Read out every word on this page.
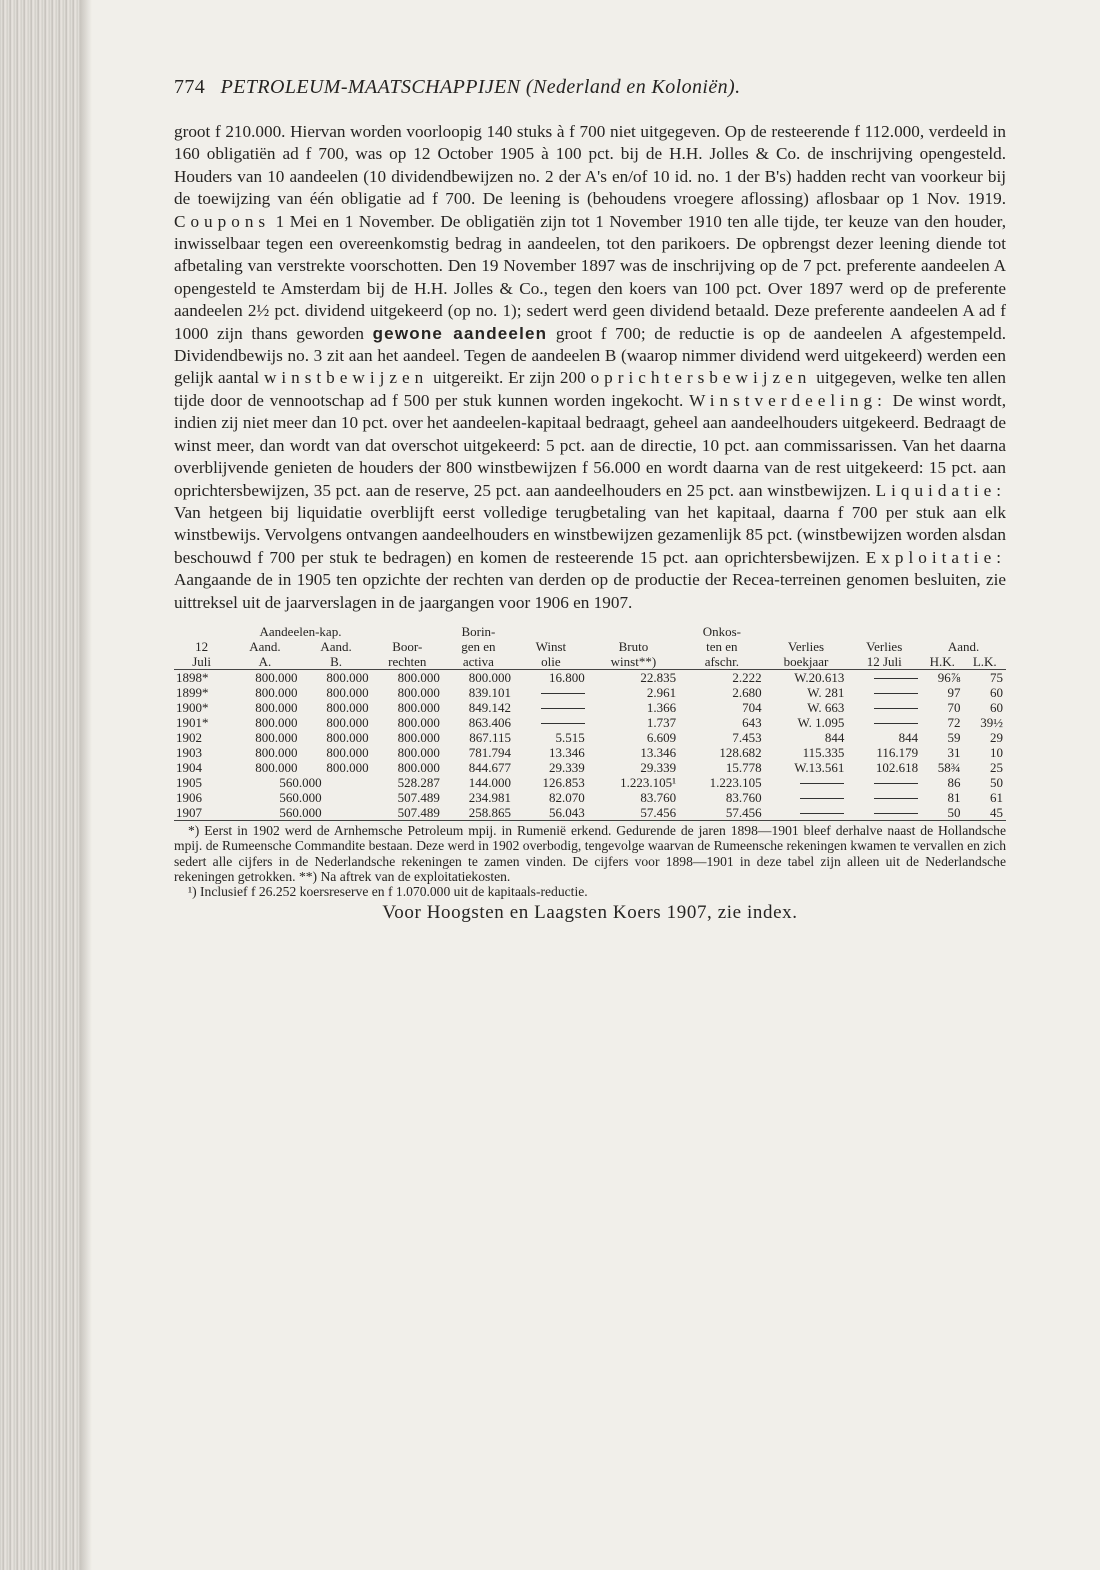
774 PETROLEUM-MAATSCHAPPIJEN (Nederland en Koloniën).

groot f 210.000. Hiervan worden voorloopig 140 stuks à f 700 niet uitgegeven. Op de resteerende f 112.000, verdeeld in 160 obligatiën ad f 700, was op 12 October 1905 à 100 pct. bij de H.H. Jolles & Co. de inschrijving opengesteld. Houders van 10 aandeelen (10 dividendbewijzen no. 2 der A's en/of 10 id. no. 1 der B's) hadden recht van voorkeur bij de toewijzing van één obligatie ad f 700. De leening is (behoudens vroegere aflossing) aflosbaar op 1 Nov. 1919. Coupons 1 Mei en 1 November. De obligatiën zijn tot 1 November 1910 ten alle tijde, ter keuze van den houder, inwisselbaar tegen een overeenkomstig bedrag in aandeelen, tot den parikoers. De opbrengst dezer leening diende tot afbetaling van verstrekte voorschotten. Den 19 November 1897 was de inschrijving op de 7 pct. preferente aandeelen A opengesteld te Amsterdam bij de H.H. Jolles & Co., tegen den koers van 100 pct. Over 1897 werd op de preferente aandeelen 2½ pct. dividend uitgekeerd (op no. 1); sedert werd geen dividend betaald. Deze preferente aandeelen A ad f 1000 zijn thans geworden gewone aandeelen groot f 700; de reductie is op de aandeelen A afgestempeld. Dividendbewijs no. 3 zit aan het aandeel. Tegen de aandeelen B (waarop nimmer dividend werd uitgekeerd) werden een gelijk aantal winstbewijzen uitgereikt. Er zijn 200 oprichtersbewijzen uitgegeven, welke ten allen tijde door de vennootschap ad f 500 per stuk kunnen worden ingekocht. Winstverdeeling: De winst wordt, indien zij niet meer dan 10 pct. over het aandeelen-kapitaal bedraagt, geheel aan aandeelhouders uitgekeerd. Bedraagt de winst meer, dan wordt van dat overschot uitgekeerd: 5 pct. aan de directie, 10 pct. aan commissarissen. Van het daarna overblijvende genieten de houders der 800 winstbewijzen f 56.000 en wordt daarna van de rest uitgekeerd: 15 pct. aan oprichtersbewijzen, 35 pct. aan de reserve, 25 pct. aan aandeelhouders en 25 pct. aan winstbewijzen. Liquidatie: Van hetgeen bij liquidatie overblijft eerst volledige terugbetaling van het kapitaal, daarna f 700 per stuk aan elk winstbewijs. Vervolgens ontvangen aandeelhouders en winstbewijzen gezamenlijk 85 pct. (winstbewijzen worden alsdan beschouwd f 700 per stuk te bedragen) en komen de resteerende 15 pct. aan oprichtersbewijzen. Exploitatie: Aangaande de in 1905 ten opzichte der rechten van derden op de productie der Recea-terreinen genomen besluiten, zie uittreksel uit de jaarverslagen in de jaargangen voor 1906 en 1907.

	Aandeelen-kap.			Borin-			Onkos-				
12	Aand.	Aand.	Boor-	gen en	Winst	Bruto	ten en	Verlies	Verlies	Aand.	
Juli	A.	B.	rechten	activa	olie	winst**)	afschr.	boekjaar	12 Juli	H.K.	L.K.
1898*	800.000	800.000	800.000	800.000	16.800	22.835	2.222	W.20.613		96⅞	75
1899*	800.000	800.000	800.000	839.101		2.961	2.680	W. 281		97	60
1900*	800.000	800.000	800.000	849.142		1.366	704	W. 663		70	60
1901*	800.000	800.000	800.000	863.406		1.737	643	W. 1.095		72	39½
1902	800.000	800.000	800.000	867.115	5.515	6.609	7.453	844	844	59	29
1903	800.000	800.000	800.000	781.794	13.346	13.346	128.682	115.335	116.179	31	10
1904	800.000	800.000	800.000	844.677	29.339	29.339	15.778	W.13.561	102.618	58¾	25
1905	560.000		528.287	144.000	126.853	1.223.105¹	1.223.105			86	50
1906	560.000		507.489	234.981	82.070	83.760	83.760			81	61
1907	560.000		507.489	258.865	56.043	57.456	57.456			50	45

*) Eerst in 1902 werd de Arnhemsche Petroleum mpij. in Rumenië erkend. Gedurende de jaren 1898—1901 bleef derhalve naast de Hollandsche mpij. de Rumeensche Commandite bestaan. Deze werd in 1902 overbodig, tengevolge waarvan de Rumeensche rekeningen kwamen te vervallen en zich sedert alle cijfers in de Nederlandsche rekeningen te zamen vinden. De cijfers voor 1898—1901 in deze tabel zijn alleen uit de Nederlandsche rekeningen getrokken. **) Na aftrek van de exploitatiekosten.

¹) Inclusief f 26.252 koersreserve en f 1.070.000 uit de kapitaals-reductie.

Voor Hoogsten en Laagsten Koers 1907, zie index.
